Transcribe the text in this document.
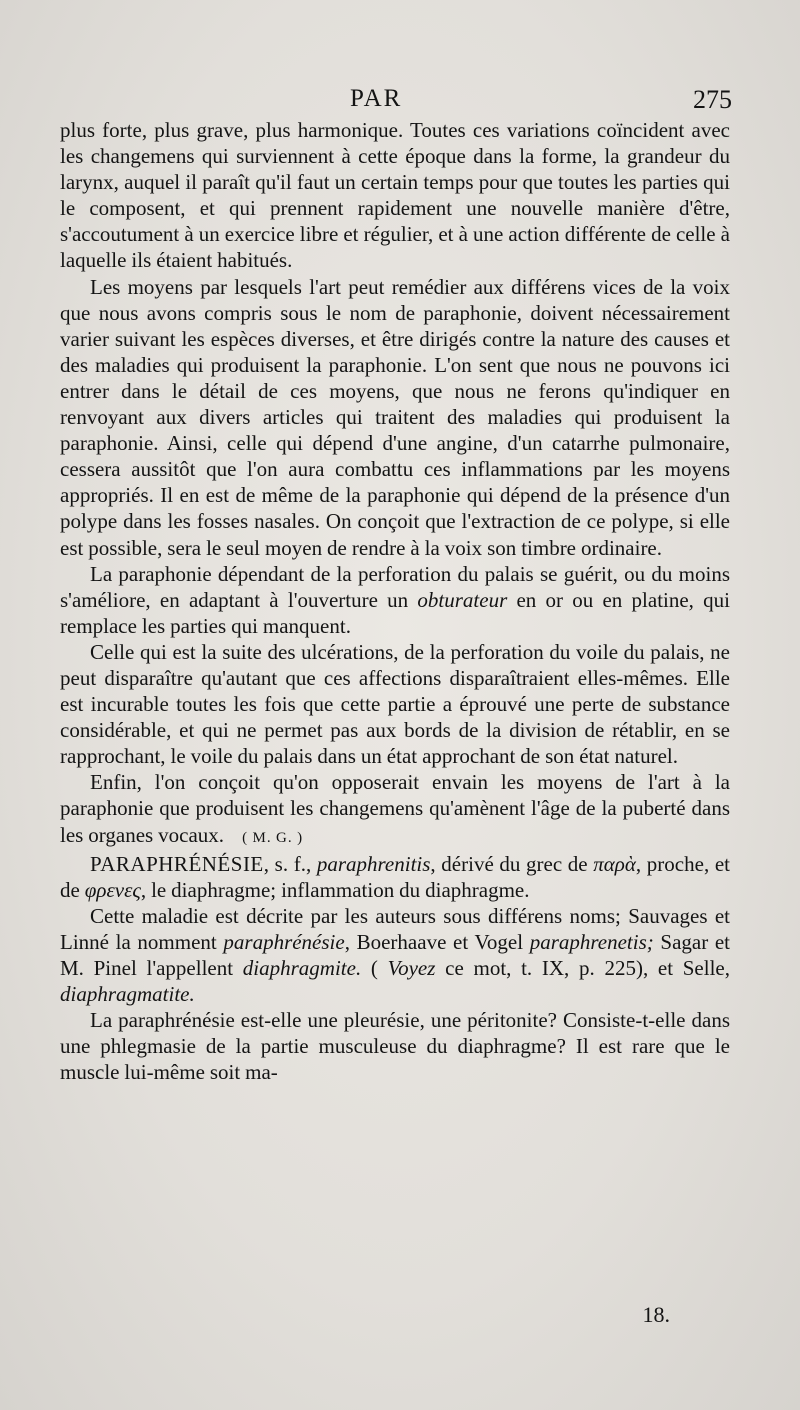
PAR	275

plus forte, plus grave, plus harmonique. Toutes ces variations coïncident avec les changemens qui surviennent à cette époque dans la forme, la grandeur du larynx, auquel il paraît qu'il faut un certain temps pour que toutes les parties qui le composent, et qui prennent rapidement une nouvelle manière d'être, s'accoutument à un exercice libre et régulier, et à une action différente de celle à laquelle ils étaient habitués.

Les moyens par lesquels l'art peut remédier aux différens vices de la voix que nous avons compris sous le nom de paraphonie, doivent nécessairement varier suivant les espèces diverses, et être dirigés contre la nature des causes et des maladies qui produisent la paraphonie. L'on sent que nous ne pouvons ici entrer dans le détail de ces moyens, que nous ne ferons qu'indiquer en renvoyant aux divers articles qui traitent des maladies qui produisent la paraphonie. Ainsi, celle qui dépend d'une angine, d'un catarrhe pulmonaire, cessera aussitôt que l'on aura combattu ces inflammations par les moyens appropriés. Il en est de même de la paraphonie qui dépend de la présence d'un polype dans les fosses nasales. On conçoit que l'extraction de ce polype, si elle est possible, sera le seul moyen de rendre à la voix son timbre ordinaire.

La paraphonie dépendant de la perforation du palais se guérit, ou du moins s'améliore, en adaptant à l'ouverture un obturateur en or ou en platine, qui remplace les parties qui manquent.

Celle qui est la suite des ulcérations, de la perforation du voile du palais, ne peut disparaître qu'autant que ces affections disparaîtraient elles-mêmes. Elle est incurable toutes les fois que cette partie a éprouvé une perte de substance considérable, et qui ne permet pas aux bords de la division de rétablir, en se rapprochant, le voile du palais dans un état approchant de son état naturel.

Enfin, l'on conçoit qu'on opposerait envain les moyens de l'art à la paraphonie que produisent les changemens qu'amènent l'âge de la puberté dans les organes vocaux. ( M. G. )

PARAPHRÉNÉSIE, s. f., paraphrenitis, dérivé du grec de παρὰ, proche, et de φρενες, le diaphragme; inflammation du diaphragme.

Cette maladie est décrite par les auteurs sous différens noms; Sauvages et Linné la nomment paraphrénésie, Boerhaave et Vogel paraphrenetis; Sagar et M. Pinel l'appellent diaphragmite. ( Voyez ce mot, t. IX, p. 225), et Selle, diaphragmatite.

La paraphrénésie est-elle une pleurésie, une péritonite? Consiste-t-elle dans une phlegmasie de la partie musculeuse du diaphragme? Il est rare que le muscle lui-même soit ma-

18.
